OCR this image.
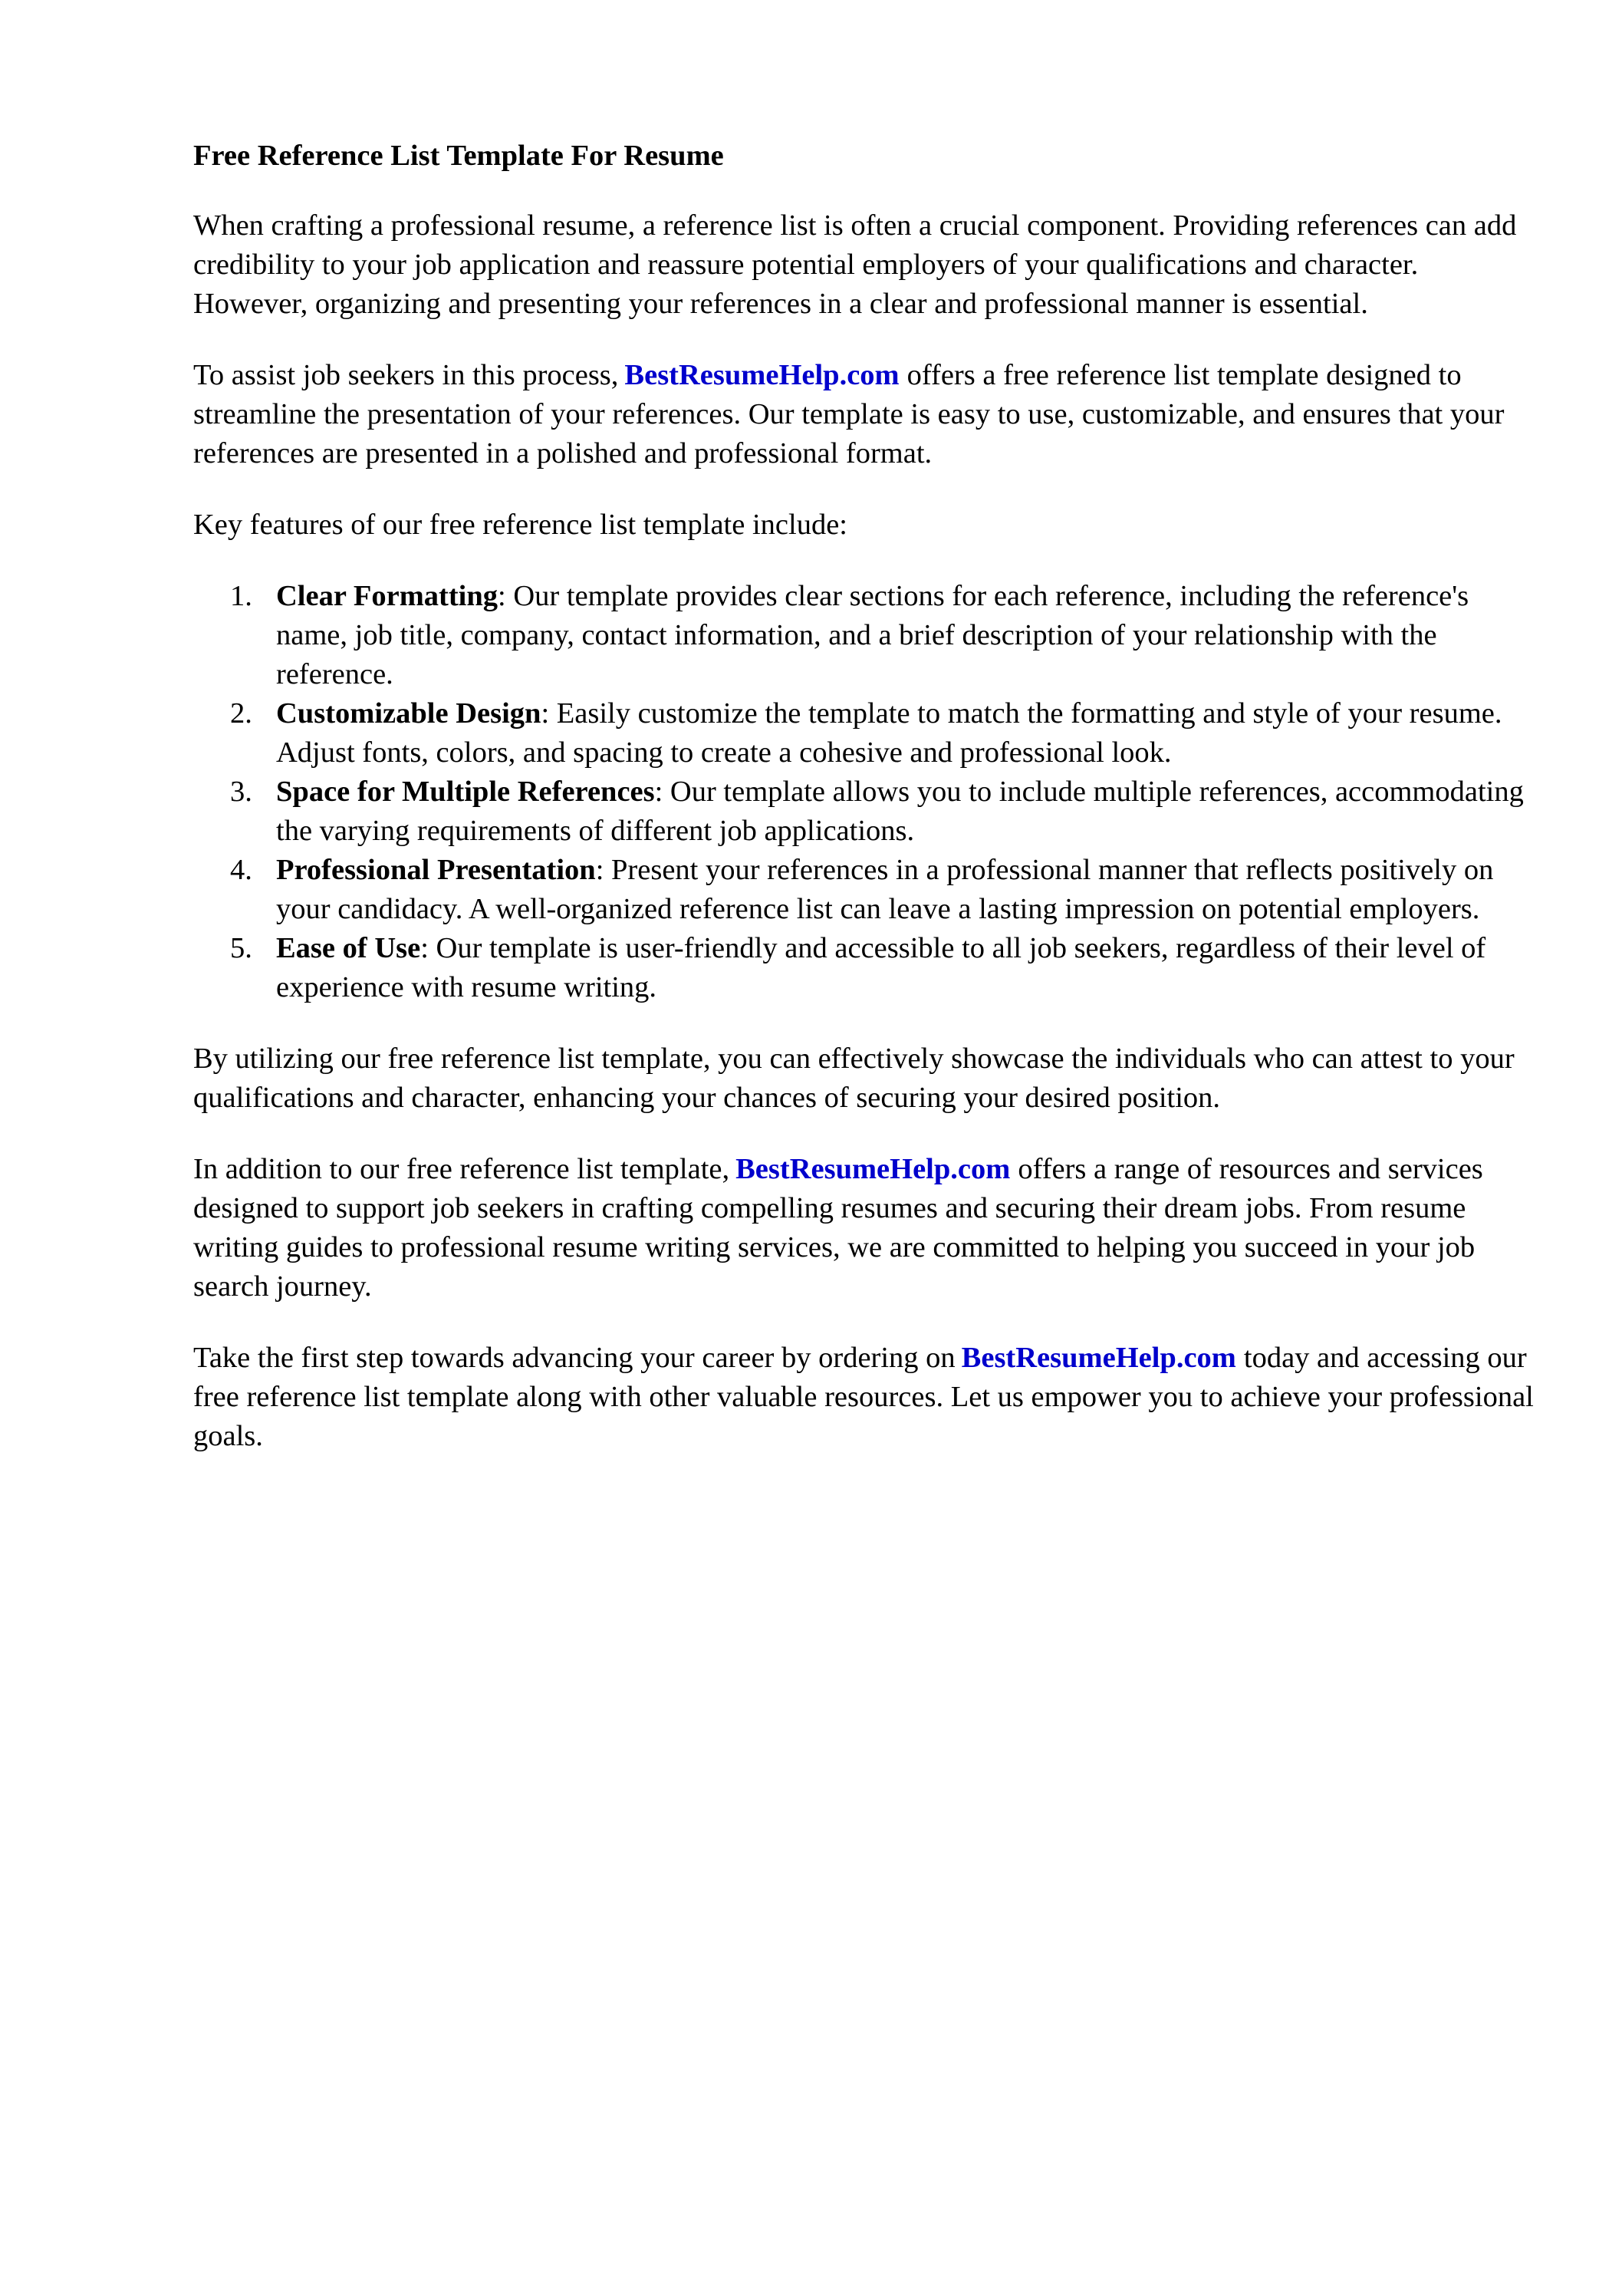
Free Reference List Template For Resume

When crafting a professional resume, a reference list is often a crucial component. Providing references can add credibility to your job application and reassure potential employers of your qualifications and character. However, organizing and presenting your references in a clear and professional manner is essential.

To assist job seekers in this process, BestResumeHelp.com offers a free reference list template designed to streamline the presentation of your references. Our template is easy to use, customizable, and ensures that your references are presented in a polished and professional format.

Key features of our free reference list template include:

1. Clear Formatting: Our template provides clear sections for each reference, including the reference's name, job title, company, contact information, and a brief description of your relationship with the reference.
2. Customizable Design: Easily customize the template to match the formatting and style of your resume. Adjust fonts, colors, and spacing to create a cohesive and professional look.
3. Space for Multiple References: Our template allows you to include multiple references, accommodating the varying requirements of different job applications.
4. Professional Presentation: Present your references in a professional manner that reflects positively on your candidacy. A well-organized reference list can leave a lasting impression on potential employers.
5. Ease of Use: Our template is user-friendly and accessible to all job seekers, regardless of their level of experience with resume writing.

By utilizing our free reference list template, you can effectively showcase the individuals who can attest to your qualifications and character, enhancing your chances of securing your desired position.

In addition to our free reference list template, BestResumeHelp.com offers a range of resources and services designed to support job seekers in crafting compelling resumes and securing their dream jobs. From resume writing guides to professional resume writing services, we are committed to helping you succeed in your job search journey.

Take the first step towards advancing your career by ordering on BestResumeHelp.com today and accessing our free reference list template along with other valuable resources. Let us empower you to achieve your professional goals.
